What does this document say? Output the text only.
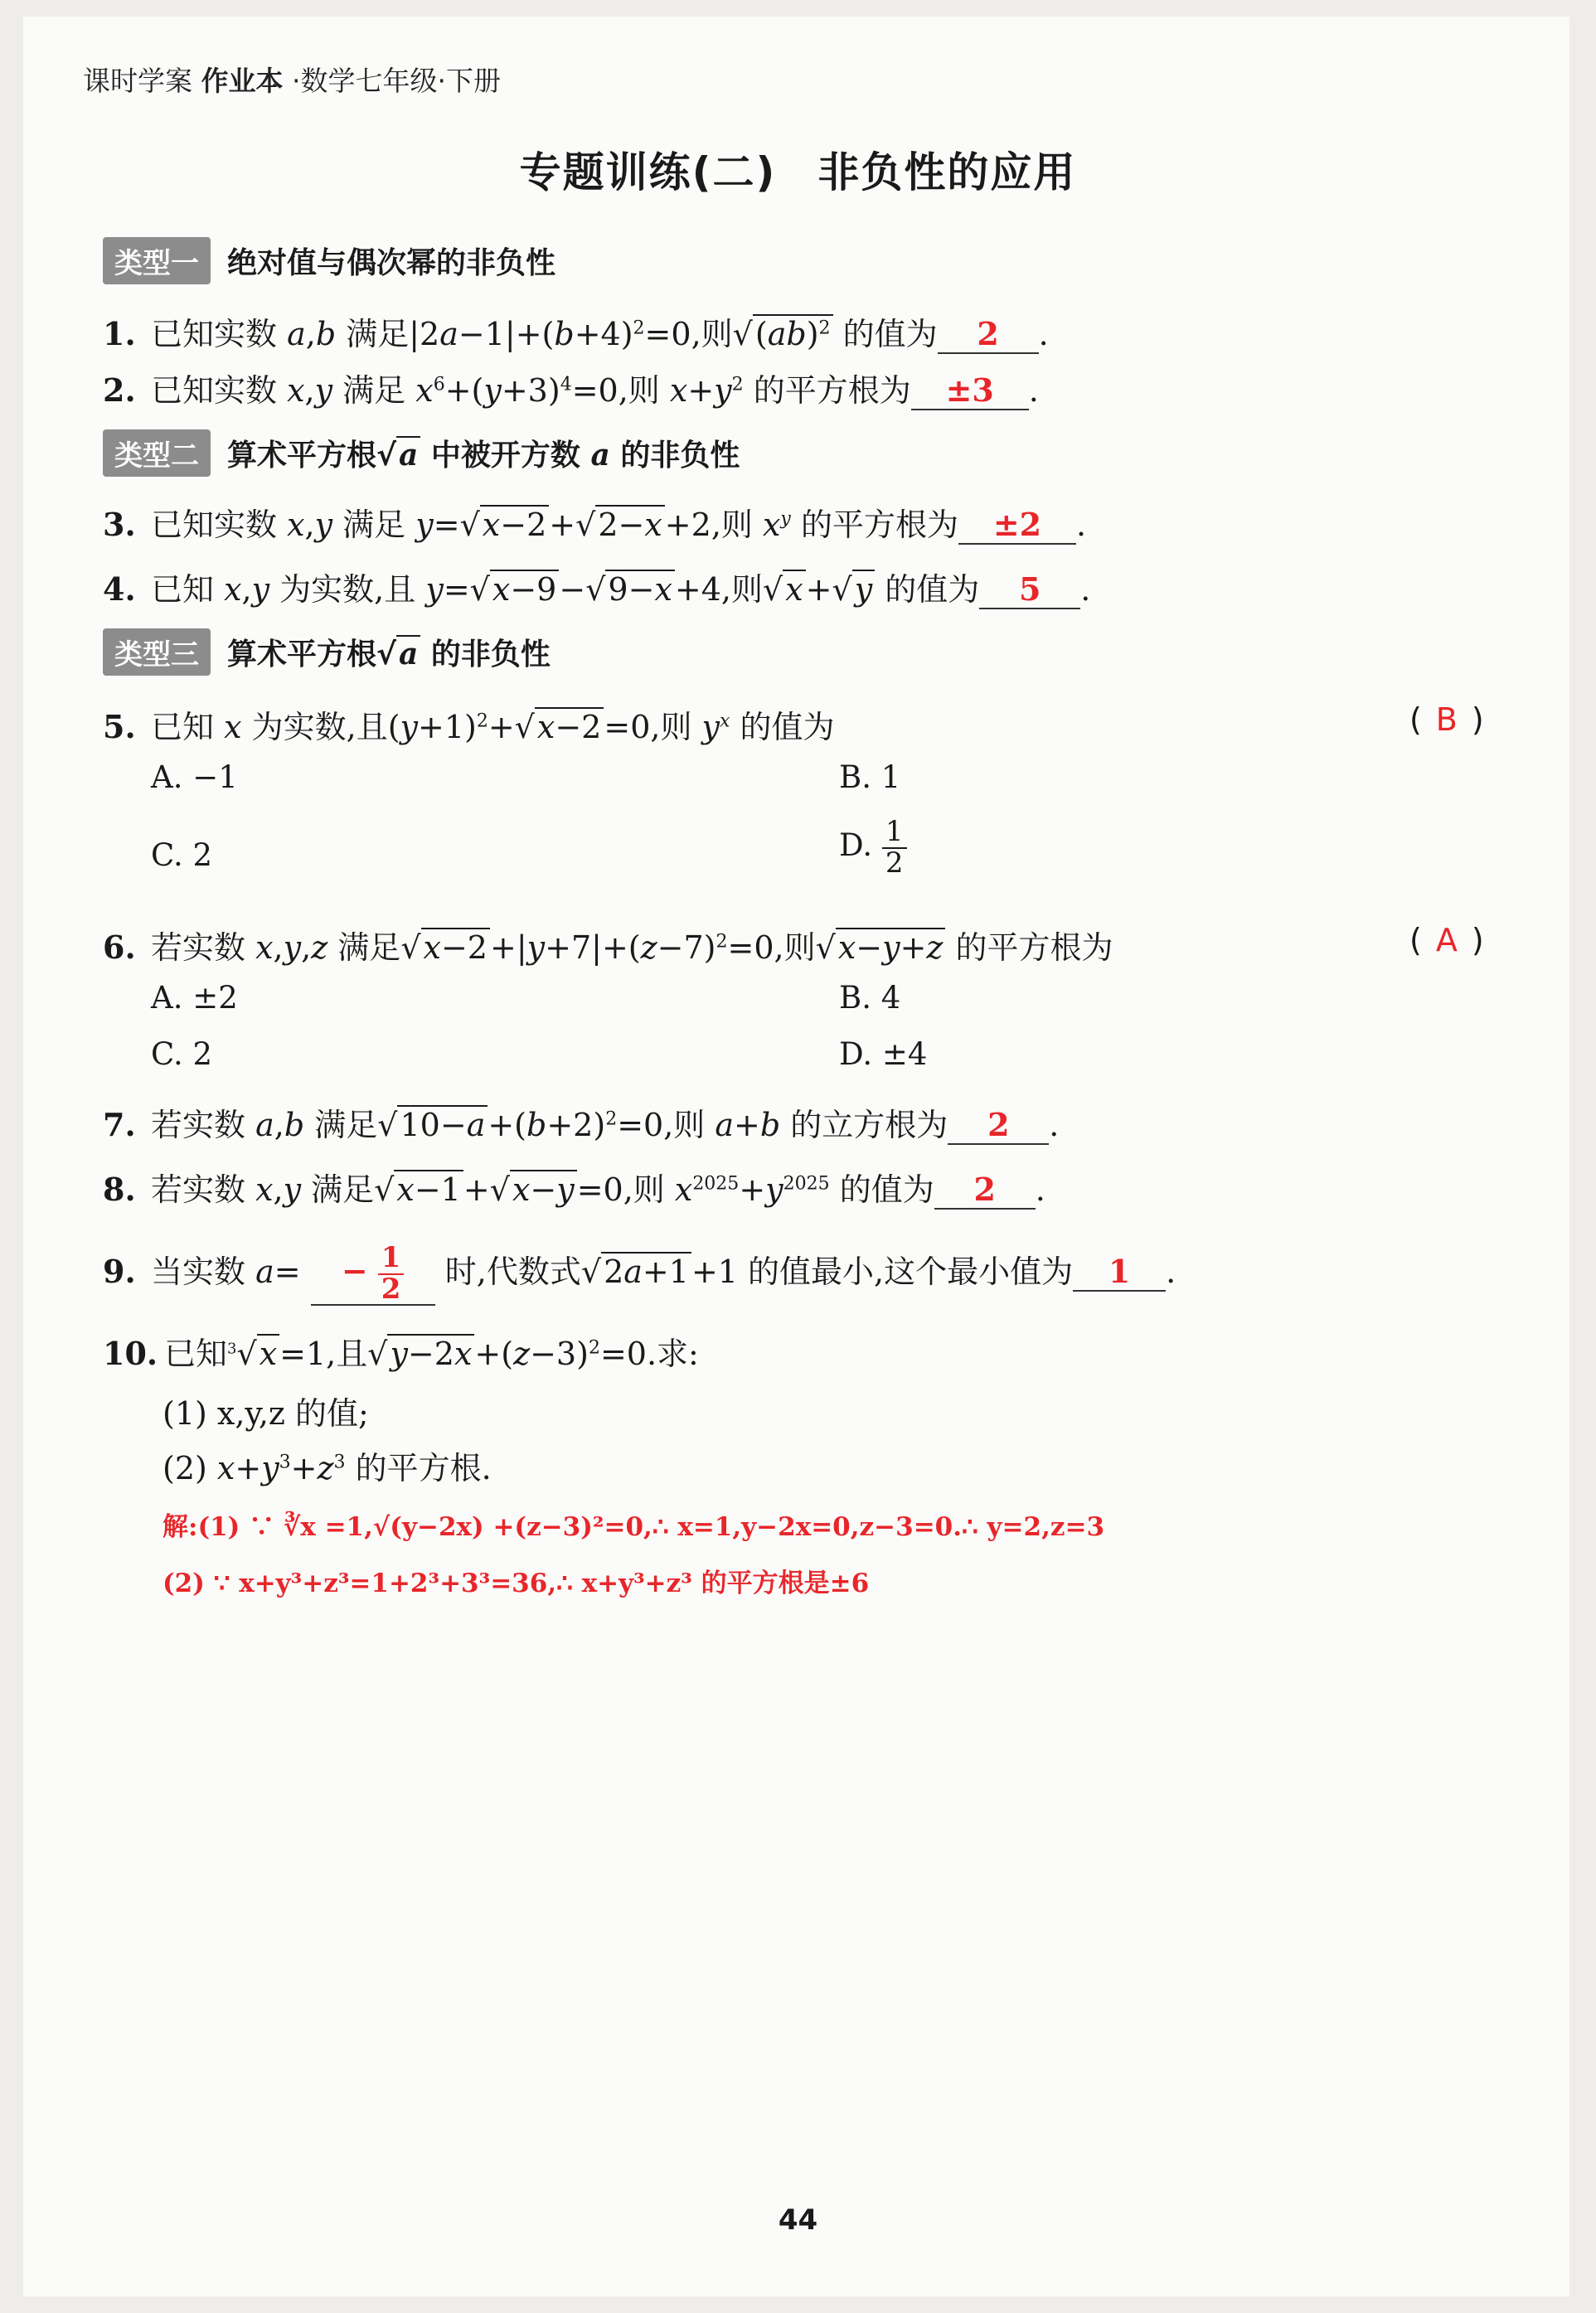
课时学案 作业本 ·数学七年级·下册
专题训练(二) 非负性的应用
类型一 绝对值与偶次幂的非负性
1. 已知实数 a,b 满足$|2a-1|+(b+4)^2=0$,则√(ab)$^2$ 的值为 2 .
2. 已知实数 x,y 满足 $x^6+(y+3)^4=0$,则 $x+y^2$ 的平方根为 ±3 .
类型二 算术平方根√a 中被开方数 a 的非负性
3. 已知实数 x,y 满足 y=√x−2+√2−x+2,则 $x^y$ 的平方根为 ±2 .
4. 已知 x,y 为实数,且 y=√x−9−√9−x+4,则√x+√y 的值为 5 .
类型三 算术平方根√a 的非负性
5. 已知 x 为实数,且$(y+1)^2+√x-2=0$,则 $y^x$ 的值为	( B )
A. −1	B. 1
C. 2	D. $\frac{1}{2}$
6. 若实数 x,y,z 满足$√x-2+|y+7|+(z-7)^2=0$,则√x−y+z 的平方根为	( A )
A. ±2	B. 4
C. 2	D. ±4
7. 若实数 a,b 满足$√10-a+(b+2)^2=0$,则 a+b 的立方根为 2 .
8. 若实数 x,y 满足√x−1+√x−y=0,则 $x^{2025}+y^{2025}$ 的值为 2 .
9. 当实数 $a= - \frac{1}{2}$ 时,代数式√2a+1+1 的值最小,这个最小值为 1 .
10. 已知$^3$√x=1,且$√y-2x+(z-3)^2=0$.求:
(1) x,y,z 的值;
(2) $x+y^3+z^3$ 的平方根.
解:(1) ∵ ∛x =1,√(y−2x) +(z−3)²=0,∴ x=1,y−2x=0,z−3=0.∴ y=2,z=3
(2) ∵ x+y³+z³=1+2³+3³=36,∴ x+y³+z³ 的平方根是±6
44
